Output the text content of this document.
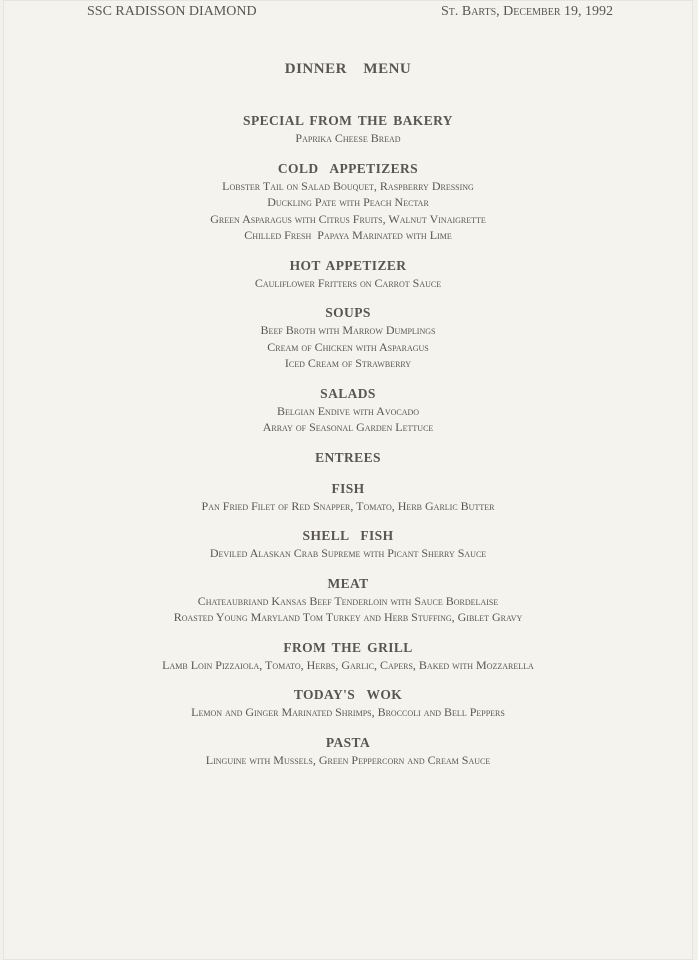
SSC RADISSON DIAMOND	St. Barts, December 19, 1992
DINNER  MENU
SPECIAL FROM THE BAKERY
Paprika Cheese Bread
COLD  APPETIZERS
Lobster Tail on Salad Bouquet, Raspberry Dressing
Duckling Pate with Peach Nectar
Green Asparagus with Citrus Fruits, Walnut Vinaigrette
Chilled Fresh  Papaya Marinated with Lime
HOT APPETIZER
Cauliflower Fritters on Carrot Sauce
SOUPS
Beef Broth with Marrow Dumplings
Cream of Chicken with Asparagus
Iced Cream of Strawberry
SALADS
Belgian Endive with Avocado
Array of Seasonal Garden Lettuce
ENTREES
FISH
Pan Fried Filet of Red Snapper, Tomato, Herb Garlic Butter
SHELL  FISH
Deviled Alaskan Crab Supreme with Picant Sherry Sauce
MEAT
Chateaubriand Kansas Beef Tenderloin with Sauce Bordelaise
Roasted Young Maryland Tom Turkey and Herb Stuffing, Giblet Gravy
FROM THE GRILL
Lamb Loin Pizzaiola, Tomato, Herbs, Garlic, Capers, Baked with Mozzarella
TODAY'S  WOK
Lemon and Ginger Marinated Shrimps, Broccoli and Bell Peppers
PASTA
Linguine with Mussels, Green Peppercorn and Cream Sauce
